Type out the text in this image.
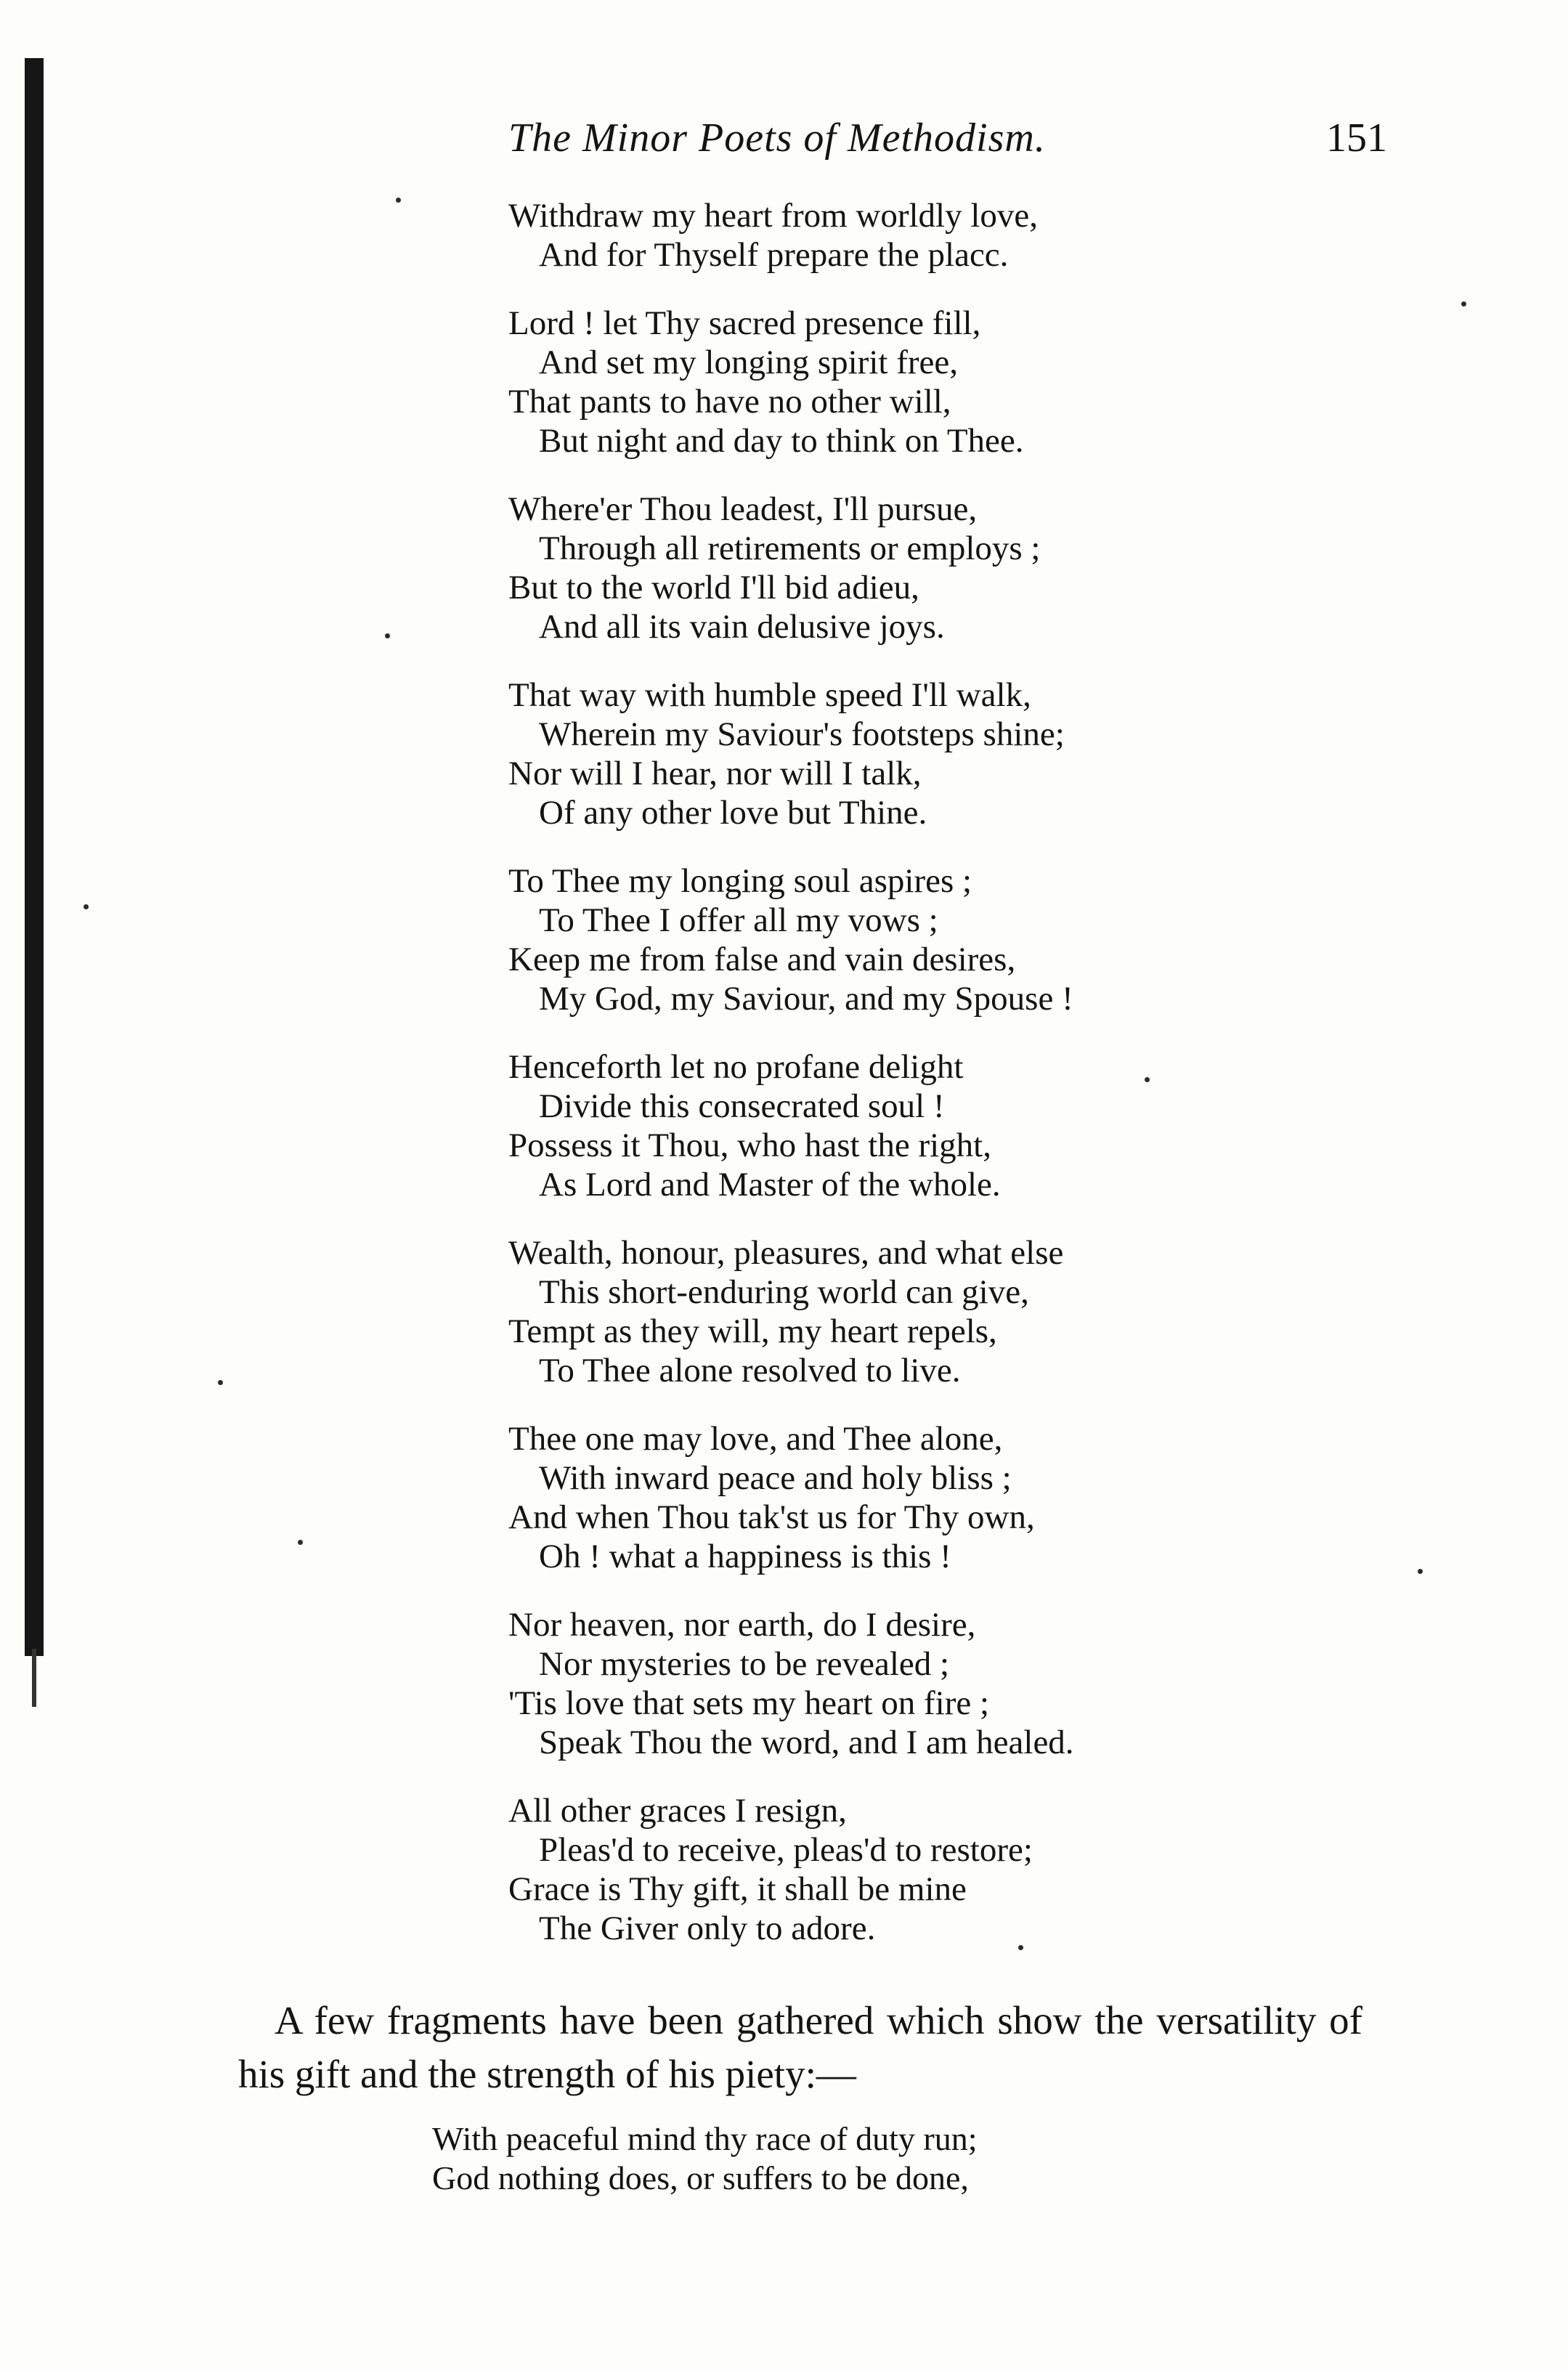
The Minor Poets of Methodism.	151
Withdraw my heart from worldly love,
And for Thyself prepare the placc.
Lord ! let Thy sacred presence fill,
And set my longing spirit free,
That pants to have no other will,
But night and day to think on Thee.
Where'er Thou leadest, I'll pursue,
Through all retirements or employs ;
But to the world I'll bid adieu,
And all its vain delusive joys.
That way with humble speed I'll walk,
Wherein my Saviour's footsteps shine;
Nor will I hear, nor will I talk,
Of any other love but Thine.
To Thee my longing soul aspires ;
To Thee I offer all my vows ;
Keep me from false and vain desires,
My God, my Saviour, and my Spouse !
Henceforth let no profane delight
Divide this consecrated soul !
Possess it Thou, who hast the right,
As Lord and Master of the whole.
Wealth, honour, pleasures, and what else
This short-enduring world can give,
Tempt as they will, my heart repels,
To Thee alone resolved to live.
Thee one may love, and Thee alone,
With inward peace and holy bliss ;
And when Thou tak'st us for Thy own,
Oh ! what a happiness is this !
Nor heaven, nor earth, do I desire,
Nor mysteries to be revealed ;
'Tis love that sets my heart on fire ;
Speak Thou the word, and I am healed.
All other graces I resign,
Pleas'd to receive, pleas'd to restore;
Grace is Thy gift, it shall be mine
The Giver only to adore.

A few fragments have been gathered which show the versatility of his gift and the strength of his piety:—

With peaceful mind thy race of duty run;
God nothing does, or suffers to be done,
